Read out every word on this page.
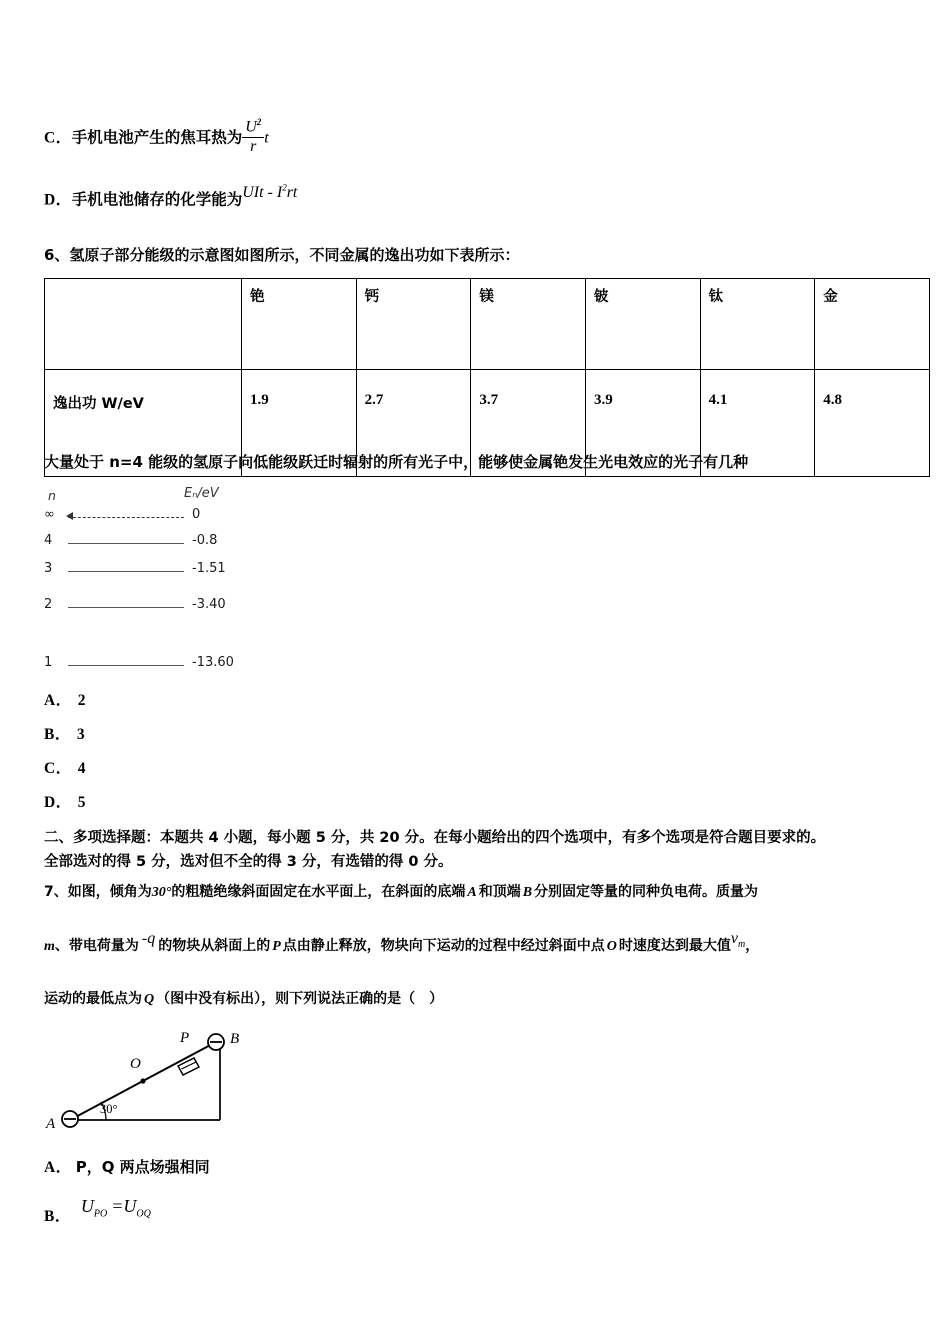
C．手机电池产生的焦耳热为 $\frac{U^2}{r}$ t
D．手机电池储存的化学能为UIt - $I^2rt$
6、氢原子部分能级的示意图如图所示，不同金属的逸出功如下表所示：
	铯	钙	镁	铍	钛	金
逸出功 W/eV	1.9	2.7	3.7	3.9	4.1	4.8
大量处于 n=4 能级的氢原子向低能级跃迁时辐射的所有光子中，能够使金属铯发生光电效应的光子有几种
n	Eₙ/eV
∞	0
4	-0.8
3	-1.51
2	-3.40
1	-13.60
A． 2
B． 3
C． 4
D． 5
二、多项选择题：本题共 4 小题，每小题 5 分，共 20 分。在每小题给出的四个选项中，有多个选项是符合题目要求的。
全部选对的得 5 分，选对但不全的得 3 分，有选错的得 0 分。
7、如图，倾角为30°的粗糙绝缘斜面固定在水平面上，在斜面的底端 A 和顶端 B 分别固定等量的同种负电荷。质量为
m、带电荷量为 -q 的物块从斜面上的 P 点由静止释放，物块向下运动的过程中经过斜面中点 O 时速度达到最大值$v_m$，
运动的最低点为 Q （图中没有标出），则下列说法正确的是（　）
A
B
O
P
30°
A． P，Q 两点场强相同
B．$U_{PO} =U_{OQ}$
